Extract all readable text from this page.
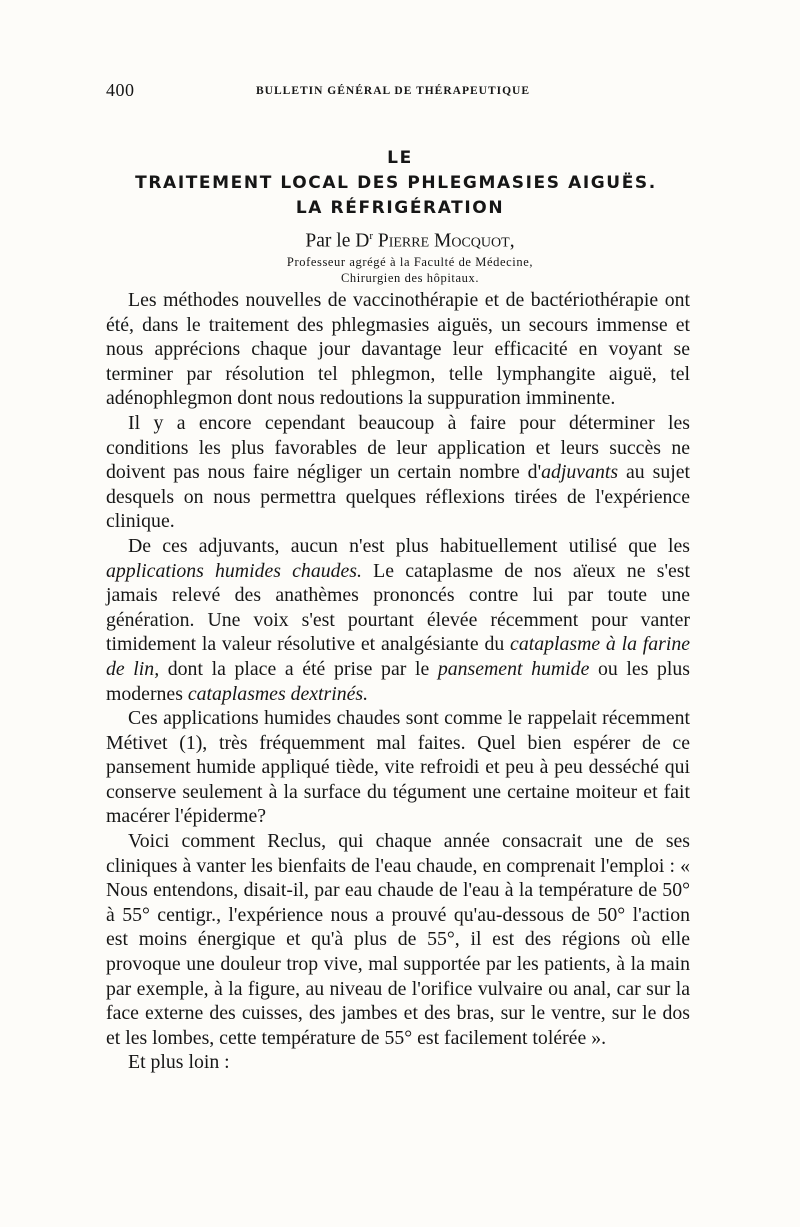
400	BULLETIN GÉNÉRAL DE THÉRAPEUTIQUE
LE
TRAITEMENT LOCAL DES PHLEGMASIES AIGUËS.
LA RÉFRIGÉRATION
Par le $D^r$ Pierre Mocquot,
Professeur agrégé à la Faculté de Médecine,
Chirurgien des hôpitaux.

Les méthodes nouvelles de vaccinothérapie et de bactériothérapie ont été, dans le traitement des phlegmasies aiguës, un secours immense et nous apprécions chaque jour davantage leur efficacité en voyant se terminer par résolution tel phlegmon, telle lymphangite aiguë, tel adénophlegmon dont nous redoutions la suppuration imminente.

Il y a encore cependant beaucoup à faire pour déterminer les conditions les plus favorables de leur application et leurs succès ne doivent pas nous faire négliger un certain nombre d'adjuvants au sujet desquels on nous permettra quelques réflexions tirées de l'expérience clinique.

De ces adjuvants, aucun n'est plus habituellement utilisé que les applications humides chaudes. Le cataplasme de nos aïeux ne s'est jamais relevé des anathèmes prononcés contre lui par toute une génération. Une voix s'est pourtant élevée récemment pour vanter timidement la valeur résolutive et analgésiante du cataplasme à la farine de lin, dont la place a été prise par le pansement humide ou les plus modernes cataplasmes dextrinés.

Ces applications humides chaudes sont comme le rappelait récemment Métivet (1), très fréquemment mal faites. Quel bien espérer de ce pansement humide appliqué tiède, vite refroidi et peu à peu desséché qui conserve seulement à la surface du tégument une certaine moiteur et fait macérer l'épiderme?

Voici comment Reclus, qui chaque année consacrait une de ses cliniques à vanter les bienfaits de l'eau chaude, en comprenait l'emploi : « Nous entendons, disait-il, par eau chaude de l'eau à la température de 50° à 55° centigr., l'expérience nous a prouvé qu'au-dessous de 50° l'action est moins énergique et qu'à plus de 55°, il est des régions où elle provoque une douleur trop vive, mal supportée par les patients, à la main par exemple, à la figure, au niveau de l'orifice vulvaire ou anal, car sur la face externe des cuisses, des jambes et des bras, sur le ventre, sur le dos et les lombes, cette température de 55° est facilement tolérée ».

Et plus loin :
